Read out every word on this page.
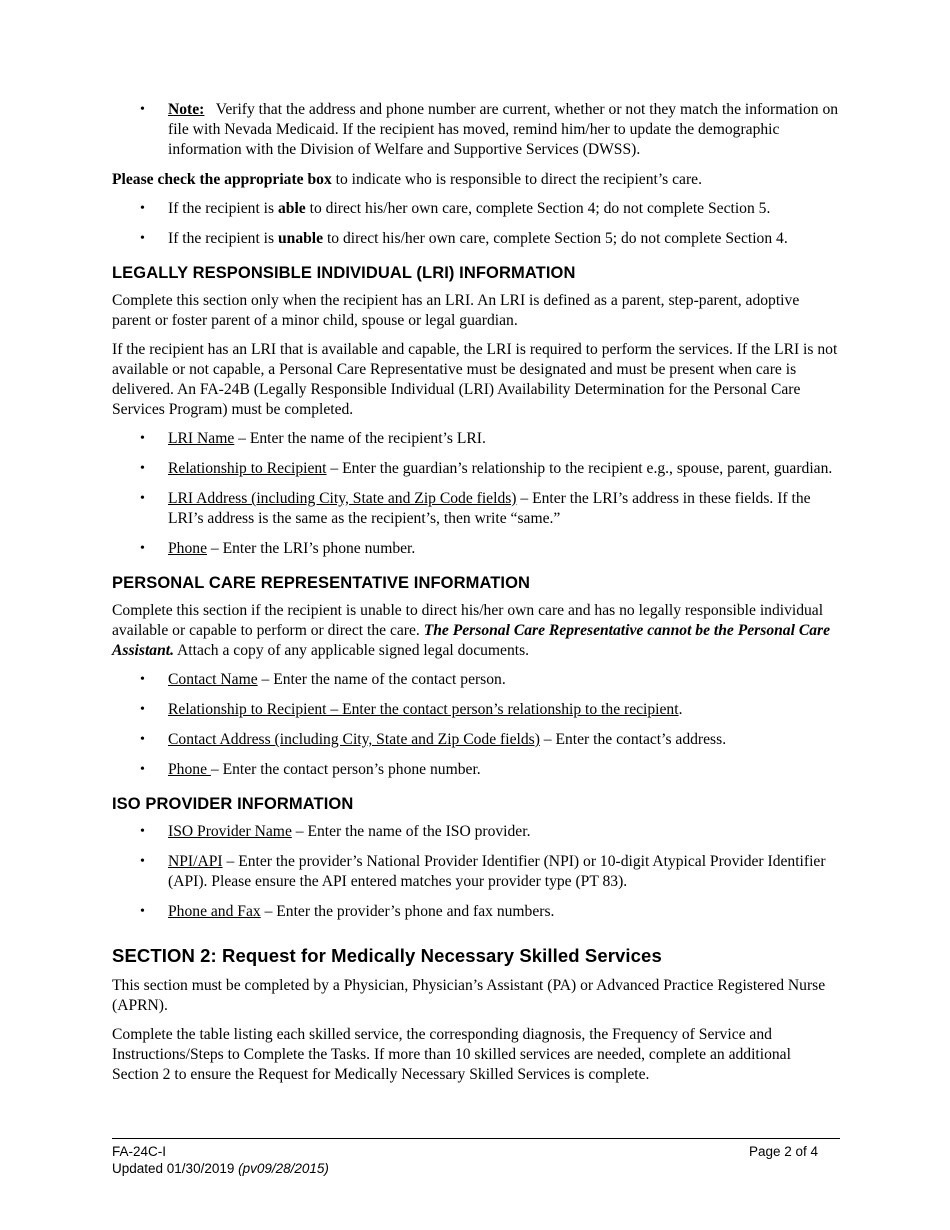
• Note: Verify that the address and phone number are current, whether or not they match the information on file with Nevada Medicaid. If the recipient has moved, remind him/her to update the demographic information with the Division of Welfare and Supportive Services (DWSS).

Please check the appropriate box to indicate who is responsible to direct the recipient’s care.

• If the recipient is able to direct his/her own care, complete Section 4; do not complete Section 5.
• If the recipient is unable to direct his/her own care, complete Section 5; do not complete Section 4.
LEGALLY RESPONSIBLE INDIVIDUAL (LRI) INFORMATION

Complete this section only when the recipient has an LRI. An LRI is defined as a parent, step-parent, adoptive parent or foster parent of a minor child, spouse or legal guardian.

If the recipient has an LRI that is available and capable, the LRI is required to perform the services. If the LRI is not available or not capable, a Personal Care Representative must be designated and must be present when care is delivered. An FA-24B (Legally Responsible Individual (LRI) Availability Determination for the Personal Care Services Program) must be completed.

• LRI Name – Enter the name of the recipient’s LRI.
• Relationship to Recipient – Enter the guardian’s relationship to the recipient e.g., spouse, parent, guardian.
• LRI Address (including City, State and Zip Code fields) – Enter the LRI’s address in these fields. If the LRI’s address is the same as the recipient’s, then write “same.”
• Phone – Enter the LRI’s phone number.
PERSONAL CARE REPRESENTATIVE INFORMATION

Complete this section if the recipient is unable to direct his/her own care and has no legally responsible individual available or capable to perform or direct the care. The Personal Care Representative cannot be the Personal Care Assistant. Attach a copy of any applicable signed legal documents.

• Contact Name – Enter the name of the contact person.
• Relationship to Recipient – Enter the contact person’s relationship to the recipient.
• Contact Address (including City, State and Zip Code fields) – Enter the contact’s address.
• Phone – Enter the contact person’s phone number.
ISO PROVIDER INFORMATION
• ISO Provider Name – Enter the name of the ISO provider.
• NPI/API – Enter the provider’s National Provider Identifier (NPI) or 10-digit Atypical Provider Identifier (API). Please ensure the API entered matches your provider type (PT 83).
• Phone and Fax – Enter the provider’s phone and fax numbers.
SECTION 2: Request for Medically Necessary Skilled Services

This section must be completed by a Physician, Physician’s Assistant (PA) or Advanced Practice Registered Nurse (APRN).

Complete the table listing each skilled service, the corresponding diagnosis, the Frequency of Service and Instructions/Steps to Complete the Tasks. If more than 10 skilled services are needed, complete an additional Section 2 to ensure the Request for Medically Necessary Skilled Services is complete.

FA-24C-I
Updated 01/30/2019 (pv09/28/2015)
Page 2 of 4
